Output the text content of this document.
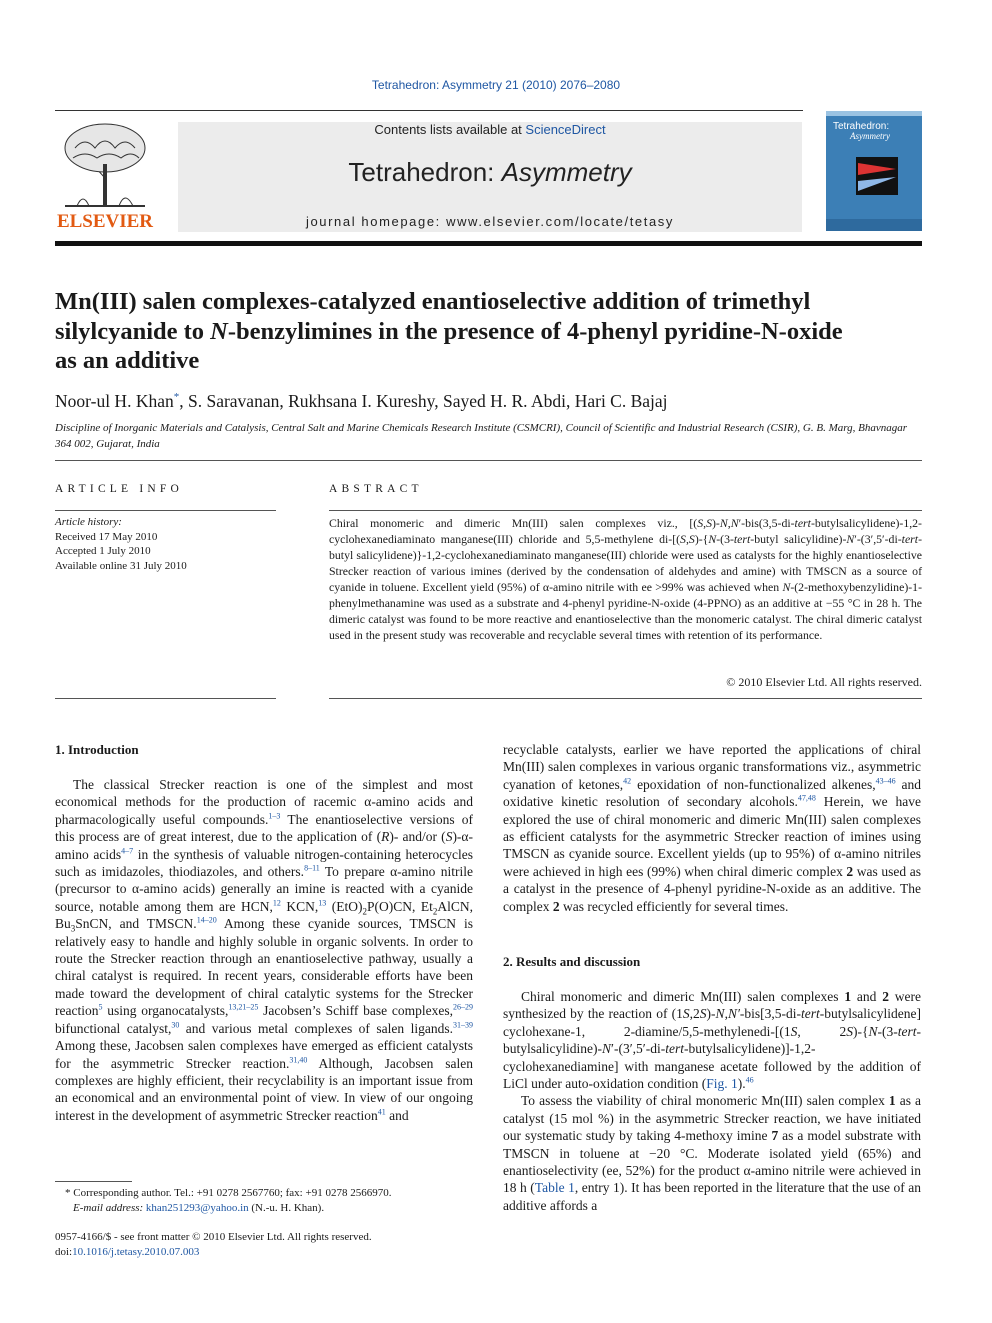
Tetrahedron: Asymmetry 21 (2010) 2076–2080
ELSEVIER
Contents lists available at ScienceDirect
Tetrahedron: Asymmetry
journal homepage: www.elsevier.com/locate/tetasy
Tetrahedron:
Asymmetry
Mn(III) salen complexes-catalyzed enantioselective addition of trimethyl
silylcyanide to N-benzylimines in the presence of 4-phenyl pyridine-N-oxide
as an additive
Noor-ul H. Khan*, S. Saravanan, Rukhsana I. Kureshy, Sayed H. R. Abdi, Hari C. Bajaj
Discipline of Inorganic Materials and Catalysis, Central Salt and Marine Chemicals Research Institute (CSMCRI), Council of Scientific and Industrial Research (CSIR), G. B. Marg, Bhavnagar 364 002, Gujarat, India
ARTICLE INFO	ABSTRACT
Article history:
Received 17 May 2010
Accepted 1 July 2010
Available online 31 July 2010
Chiral monomeric and dimeric Mn(III) salen complexes viz., [(S,S)-N,N′-bis(3,5-di-tert-butylsalicylidene)-1,2-cyclohexanediaminato manganese(III) chloride and 5,5-methylene di-[(S,S)-{N-(3-tert-butyl salicylidine)-N′-(3′,5′-di-tert-butyl salicylidene)}-1,2-cyclohexanediaminato manganese(III) chloride were used as catalysts for the highly enantioselective Strecker reaction of various imines (derived by the condensation of aldehydes and amine) with TMSCN as a source of cyanide in toluene. Excellent yield (95%) of α-amino nitrile with ee >99% was achieved when N-(2-methoxybenzylidine)-1-phenylmethanamine was used as a substrate and 4-phenyl pyridine-N-oxide (4-PPNO) as an additive at −55 °C in 28 h. The dimeric catalyst was found to be more reactive and enantioselective than the monomeric catalyst. The chiral dimeric catalyst used in the present study was recoverable and recyclable several times with retention of its performance.
© 2010 Elsevier Ltd. All rights reserved.
1. Introduction

The classical Strecker reaction is one of the simplest and most economical methods for the production of racemic α-amino acids and pharmacologically useful compounds.$^{1-3}$ The enantioselective versions of this process are of great interest, due to the application of (R)- and/or (S)-α-amino acids$^{4-7}$ in the synthesis of valuable nitrogen-containing heterocycles such as imidazoles, thiodiazoles, and others.$^{8-11}$ To prepare α-amino nitrile (precursor to α-amino acids) generally an imine is reacted with a cyanide source, notable among them are HCN,$^{12}$ KCN,$^{13}$ $(EtO)_2P(O)CN$, $Et_2AlCN$, $Bu_3SnCN$, and TMSCN.$^{14-20}$ Among these cyanide sources, TMSCN is relatively easy to handle and highly soluble in organic solvents. In order to route the Strecker reaction through an enantioselective pathway, usually a chiral catalyst is required. In recent years, considerable efforts have been made toward the development of chiral catalytic systems for the Strecker reaction$^5$ using organocatalysts,$^{13,21-25}$ Jacobsen’s Schiff base complexes,$^{26-29}$ bifunctional catalyst,$^{30}$ and various metal complexes of salen ligands.$^{31-39}$ Among these, Jacobsen salen complexes have emerged as efficient catalysts for the asymmetric Strecker reaction.$^{31,40}$ Although, Jacobsen salen complexes are highly efficient, their recyclability is an important issue from an economical and an environmental point of view. In view of our ongoing interest in the development of asymmetric Strecker reaction$^{41}$ and

recyclable catalysts, earlier we have reported the applications of chiral Mn(III) salen complexes in various organic transformations viz., asymmetric cyanation of ketones,$^{42}$ epoxidation of non-functionalized alkenes,$^{43-46}$ and oxidative kinetic resolution of secondary alcohols.$^{47,48}$ Herein, we have explored the use of chiral monomeric and dimeric Mn(III) salen complexes as efficient catalysts for the asymmetric Strecker reaction of imines using TMSCN as cyanide source. Excellent yields (up to 95%) of α-amino nitriles were achieved in high ees (99%) when chiral dimeric complex 2 was used as a catalyst in the presence of 4-phenyl pyridine-N-oxide as an additive. The complex 2 was recycled efficiently for several times.

2. Results and discussion

Chiral monomeric and dimeric Mn(III) salen complexes 1 and 2 were synthesized by the reaction of (1S,2S)-N,N′-bis[3,5-di-tert-butylsalicylidene] cyclohexane-1, 2-diamine/5,5-methylenedi-[(1S, 2S)-{N-(3-tert-butylsalicylidine)-N′-(3′,5′-di-tert-butylsalicylidene)]-1,2-cyclohexanediamine] with manganese acetate followed by the addition of LiCl under auto-oxidation condition (Fig. 1).$^{46}$

To assess the viability of chiral monomeric Mn(III) salen complex 1 as a catalyst (15 mol %) in the asymmetric Strecker reaction, we have initiated our systematic study by taking 4-methoxy imine 7 as a model substrate with TMSCN in toluene at −20 °C. Moderate isolated yield (65%) and enantioselectivity (ee, 52%) for the product α-amino nitrile were achieved in 18 h (Table 1, entry 1). It has been reported in the literature that the use of an additive affords a

* Corresponding author. Tel.: +91 0278 2567760; fax: +91 0278 2566970.
E-mail address: khan251293@yahoo.in (N.-u. H. Khan).
0957-4166/$ - see front matter © 2010 Elsevier Ltd. All rights reserved.
doi:10.1016/j.tetasy.2010.07.003
